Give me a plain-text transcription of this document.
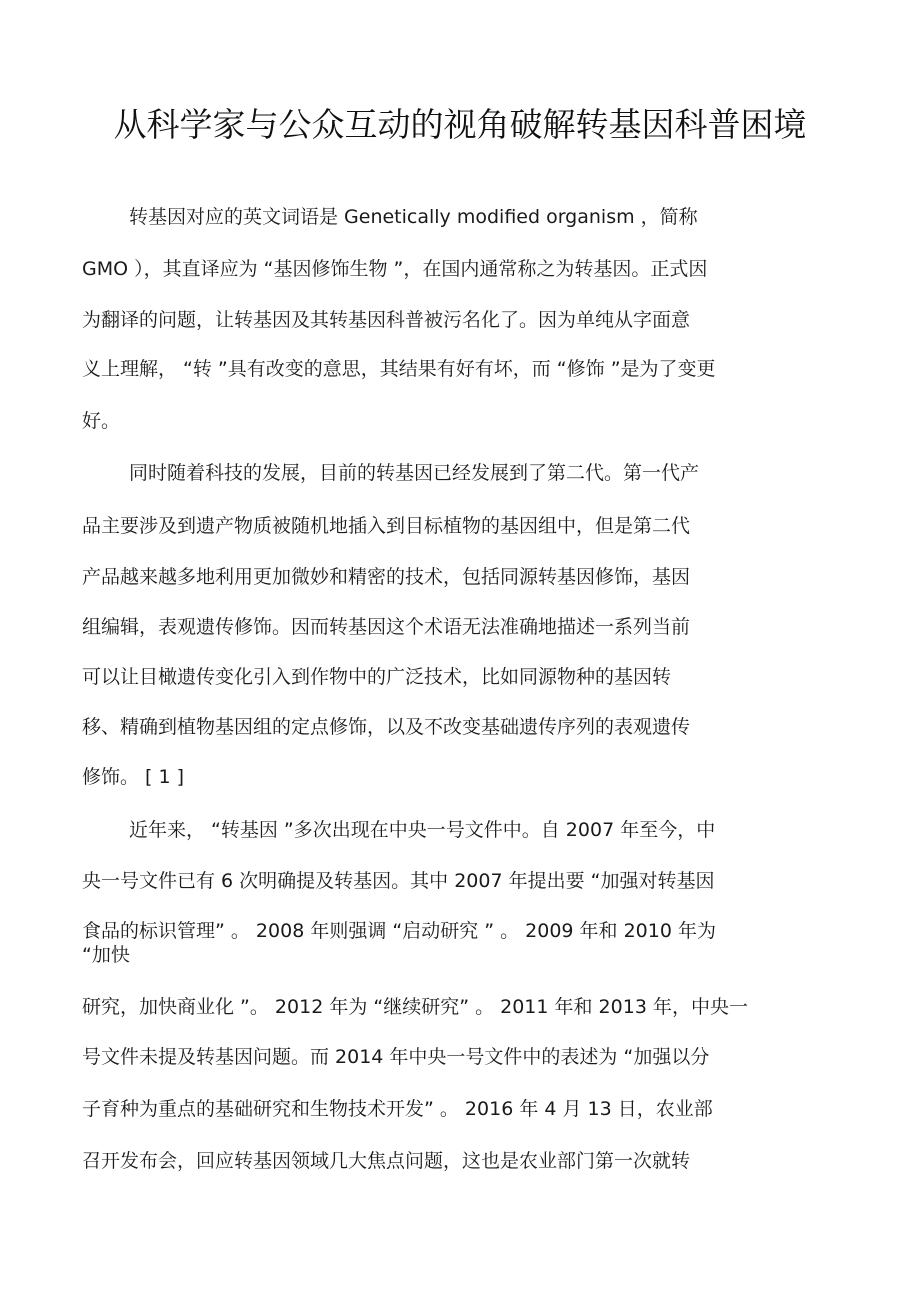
从科学家与公众互动的视角破解转基因科普困境

转基因对应的英文词语是 Genetically modified organism ，简称

GMO ），其直译应为 “基因修饰生物 ”，在国内通常称之为转基因。正式因

为翻译的问题，让转基因及其转基因科普被污名化了。因为单纯从字面意

义上理解， “转 ”具有改变的意思，其结果有好有坏，而 “修饰 ”是为了变更

好。

同时随着科技的发展，目前的转基因已经发展到了第二代。第一代产

品主要涉及到遗产物质被随机地插入到目标植物的基因组中，但是第二代

产品越来越多地利用更加微妙和精密的技术，包括同源转基因修饰，基因

组编辑，表观遗传修饰。因而转基因这个术语无法准确地描述一系列当前

可以让目橄遗传变化引入到作物中的广泛技术，比如同源物种的基因转

移、精确到植物基因组的定点修饰，以及不改变基础遗传序列的表观遗传

修饰。 [ 1 ]

近年来， “转基因 ”多次出现在中央一号文件中。自 2007 年至今，中

央一号文件已有 6 次明确提及转基因。其中 2007 年提出要 “加强对转基因

食品的标识管理” 。 2008 年则强调 “启动研究 ” 。 2009 年和 2010 年为

“加快

研究，加快商业化 ”。 2012 年为 “继续研究” 。 2011 年和 2013 年，中央一

号文件未提及转基因问题。而 2014 年中央一号文件中的表述为 “加强以分

子育种为重点的基础研究和生物技术开发” 。 2016 年 4 月 13 日，农业部

召开发布会，回应转基因领域几大焦点问题，这也是农业部门第一次就转
